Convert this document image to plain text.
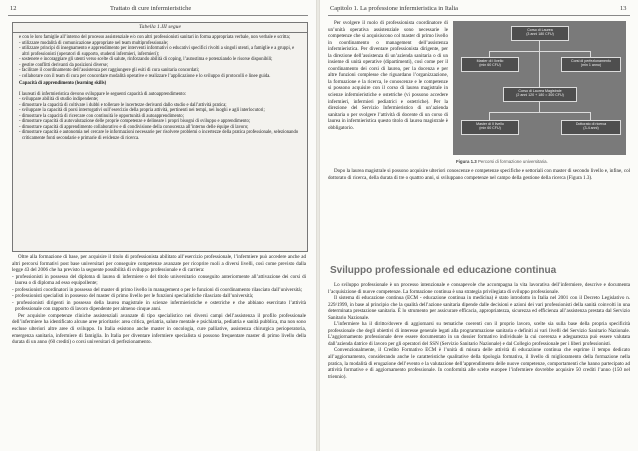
12	Trattato di cure infermieristiche
Tabella 1.III segue

e con le loro famiglie all’interno del processo assistenziale e/o con altri professionisti sanitari in forma appropriata verbale, non verbale e scritta;

- utilizzare modalità di comunicazione appropriate nel team multiprofessionale;

- utilizzare principi di insegnamento e apprendimento per interventi informativi o educativi specifici rivolti a singoli utenti, a famiglie e a gruppi, e altri professionisti (operatori di supporto, studenti infermieri, infermieri);

- sostenere e incoraggiare gli utenti verso scelte di salute, rinforzando abilità di coping, l’autostima e potenziando le risorse disponibili;

- gestire conflitti derivanti da posizioni diverse;

- facilitare il coordinamento dell’assistenza per raggiungere gli esiti di cura sanitaria concordati;

- collaborare con il team di cura per concordare modalità operative e realizzare l’applicazione e lo sviluppo di protocolli e linee guida.

Capacità di apprendimento (learning skills)

I laureati di infermieristica devono sviluppare le seguenti capacità di autoapprendimento:

- sviluppare abilità di studio indipendente;

- dimostrare la capacità di coltivare i dubbi e tollerare le incertezze derivanti dallo studio e dall’attività pratica;

- sviluppare la capacità di porsi interrogativi sull’esercizio della propria attività, pertinenti nei tempi, nei luoghi e agli interlocutori;

- dimostrare la capacità di ricercare con continuità le opportunità di autoapprendimento;

- dimostrare capacità di autovalutazione delle proprie competenze e delineare i propri bisogni di sviluppo e apprendimento;

- dimostrare capacità di apprendimento collaborativo e di condivisione della conoscenza all’interno delle équipe di lavoro;

- dimostrare capacità e autonomia nel cercare le informazioni necessarie per risolvere problemi o incertezze della pratica professionale, selezionando criticamente fonti secondarie e primarie di evidenze di ricerca.

Oltre alla formazione di base, per acquisire il titolo di professionista abilitato all’esercizio professionale, l’infermiere può accedere anche ad altri percorsi formativi post base universitari per conseguire competenze avanzate per ricoprire ruoli a diversi livelli, così come previsto dalla legge 43 del 2006 che ha previsto la seguente possibilità di sviluppo professionale e di carriera:

- professionisti in possesso del diploma di laurea di infermiere o del titolo universitario conseguito anteriormente all’attivazione dei corsi di laurea o di diploma ad esso equipollente;

- professionisti coordinatori in possesso del master di primo livello in management o per le funzioni di coordinamento rilasciato dall’università;

- professionisti specialisti in possesso del master di primo livello per le funzioni specialistiche rilasciato dall’università;

- professionisti dirigenti in possesso della laurea magistrale in scienze infermieristiche e ostetriche e che abbiano esercitato l’attività professionale con rapporto di lavoro dipendente per almeno cinque anni.

Per acquisire competenze cliniche assistenziali avanzate di tipo specialistico nei diversi campi dell’assistenza il profilo professionale dell’infermiere ha identificato alcune aree prioritarie: area critica, geriatria, salute mentale e psichiatria, pediatria e sanità pubblica, ma non sono escluse ulteriori altre aree di sviluppo. In Italia esistono anche master in oncologia, cure palliative, assistenza chirurgica perioperatoria, emergenza sanitaria, infermiere di famiglia. In Italia per diventare infermiere specialista si possono frequentare master di primo livello della durata di un anno (60 crediti) o corsi universitari di perfezionamento.

Capitolo 1. La professione infermieristica in Italia	13
Corso di Laurea
(3 anni 180 CFU)
Master di I livello
(min 60 CFU)
Corsi di perfezionamento
(min 1 anno)
Corso di Laurea Magistrale
(2 anni 120 + 180 = 300 CFU)
Master di II livello
(min 60 CFU)
Dottorato di ricerca
(3-4 anni)
Figura 1.3 Percorsi di formazione universitaria.

Per svolgere il ruolo di professionista coordinatore di un’unità operativa assistenziale sono necessarie le competenze che si acquisiscono col master di primo livello in coordinamento o management dell’assistenza infermieristica. Per diventare professionista dirigente, per la direzione dell’assistenza di un’azienda sanitaria o di un insieme di unità operative (dipartimenti), così come per il coordinamento dei corsi di laurea, per la docenza e per altre funzioni complesse che riguardano l’organizzazione, la formazione e la ricerca, le conoscenze e le competenze si possono acquisire con il corso di laurea magistrale in scienze infermieristiche e ostetriche (vi possono accedere infermieri, infermieri pediatrici e ostetriche). Per la direzione del Servizio Infermieristico di un’azienda sanitaria o per svolgere l’attività di docente di un corso di laurea in infermieristica questo titolo di laurea magistrale è obbligatorio.

Dopo la laurea magistrale si possono acquisire ulteriori conoscenze e competenze specifiche e settoriali con master di secondo livello e, infine, col dottorato di ricerca, della durata di tre o quattro anni, si sviluppano competenze nel campo della gestione della ricerca (Figura 1.3).

Sviluppo professionale ed educazione continua

Lo sviluppo professionale è un processo intenzionale e consapevole che accompagna la vita lavorativa dell’infermiere, descrive e documenta l’acquisizione di nuove competenze. La formazione continua è una strategia privilegiata di sviluppo professionale.

Il sistema di educazione continua (ECM - educazione continua in medicina) è stato introdotto in Italia nel 2001 con il Decreto Legislativo n. 229/1999, in base al principio che la qualità dell’azione sanitaria dipende dalle decisioni e azioni dei vari professionisti della sanità coinvolti in una determinata prestazione sanitaria. È lo strumento per assicurare efficacia, appropriatezza, sicurezza ed efficienza all’assistenza prestata dal Servizio Sanitario Nazionale.

L’infermiere ha il diritto/dovere di aggiornarsi su tematiche coerenti con il proprio lavoro, scelte sia sulla base della propria specificità professionale che degli obiettivi di interesse generale legati alla programmazione sanitaria e definiti ai vari livelli del Servizio Sanitario Nazionale. L’aggiornamento professionale deve essere documentato in un dossier formativo individuale la cui coerenza e adeguatezza può essere valutata dall’azienda datrice di lavoro per gli operatori del SSN (Servizio Sanitario Nazionale) e dal Collegio professionale per i liberi professionisti.

Convenzionalmente, il Credito Formativo ECM è l’unità di misura delle attività di educazione continua che esprime il tempo dedicato all’aggiornamento, considerando anche le caratteristiche qualitative della tipologia formativa, il livello di miglioramento della formazione nella pratica, la modalità di erogazione dell’evento e la valutazione dell’apprendimento delle nuove competenze, comportamenti che hanno partecipato ad attività formative e di aggiornamento professionale. In conformità alle scelte europee l’infermiere dovrebbe acquisire 50 crediti l’anno (150 nel triennio).
